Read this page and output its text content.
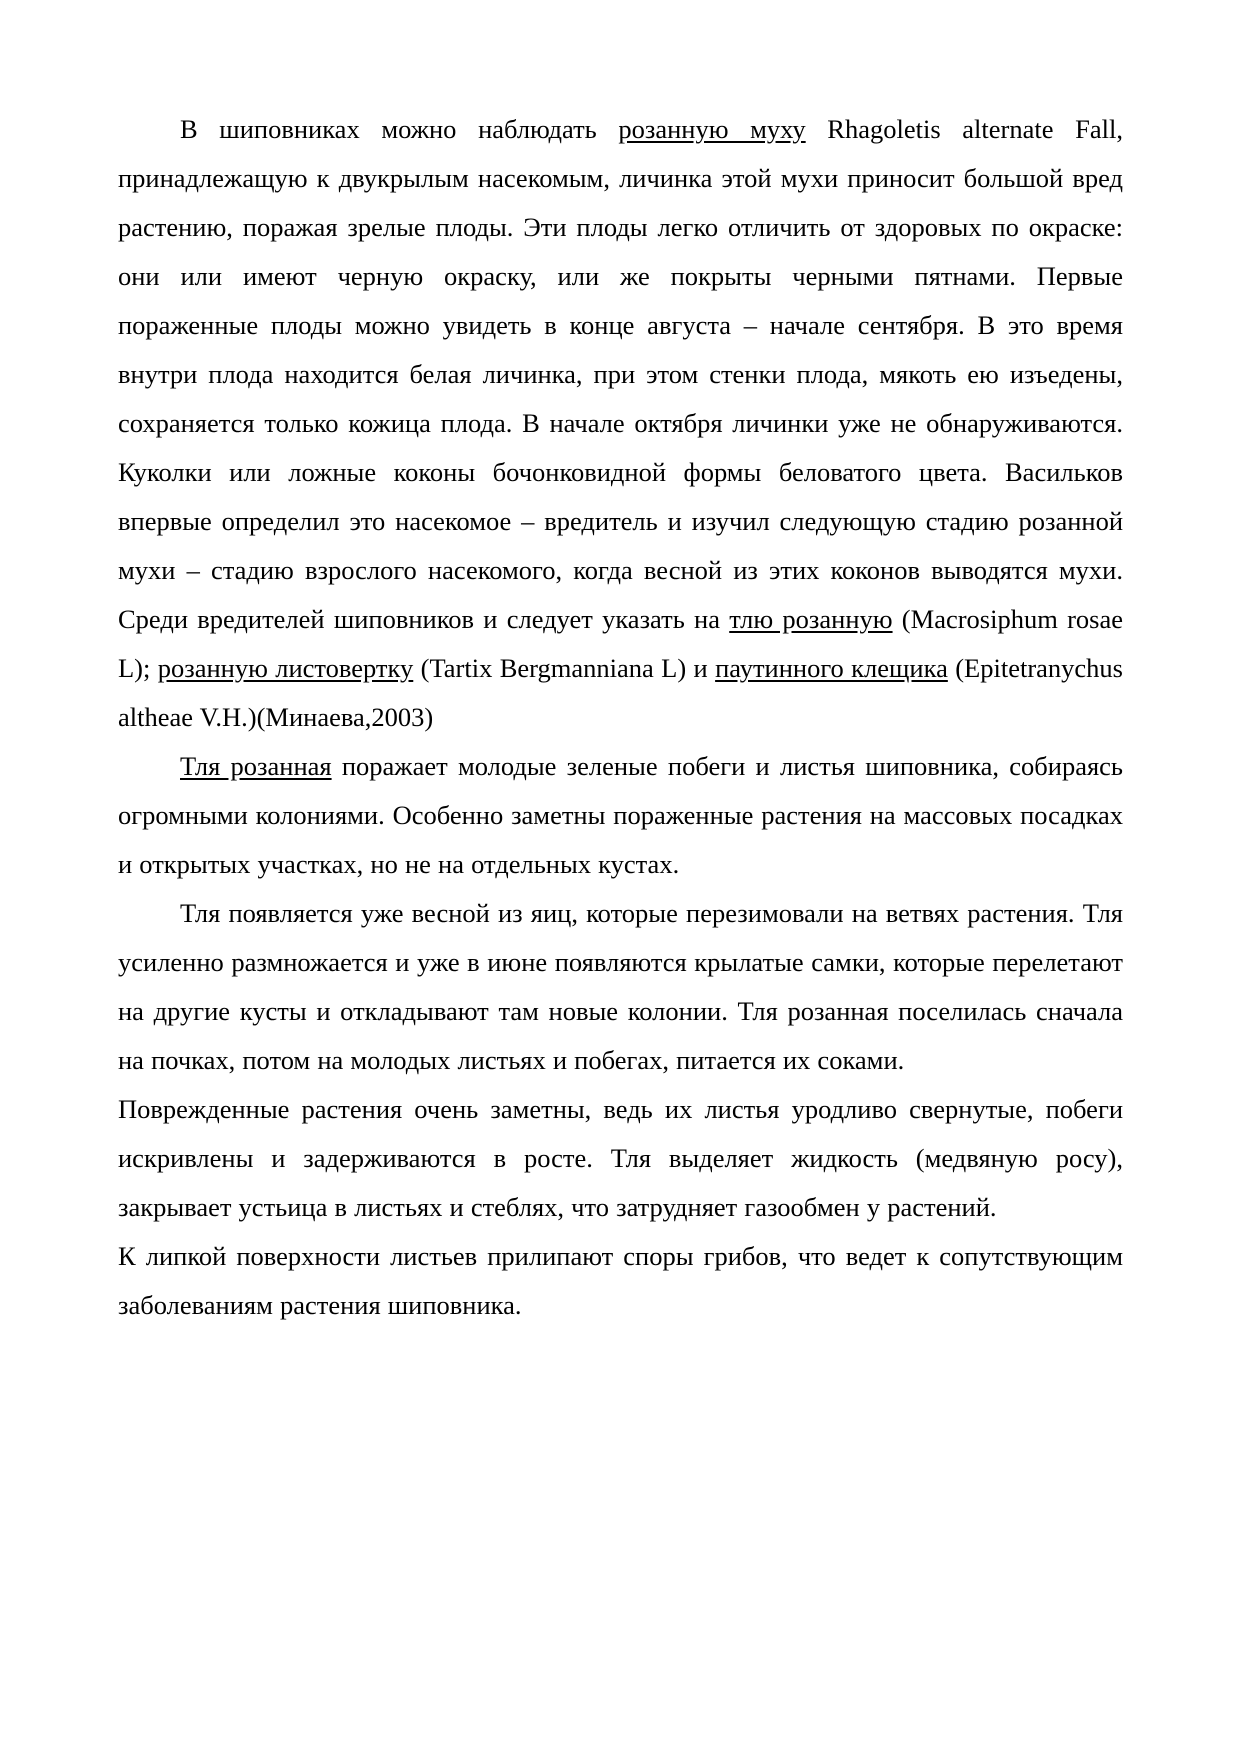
В шиповниках можно наблюдать розанную муху Rhagoletis alternate Fall, принадлежащую к двукрылым насекомым, личинка этой мухи приносит большой вред растению, поражая зрелые плоды. Эти плоды легко отличить от здоровых по окраске: они или имеют черную окраску, или же покрыты черными пятнами. Первые пораженные плоды можно увидеть в конце августа – начале сентября. В это время внутри плода находится белая личинка, при этом стенки плода, мякоть ею изъедены, сохраняется только кожица плода. В начале октября личинки уже не обнаруживаются. Куколки или ложные коконы бочонковидной формы беловатого цвета. Васильков впервые определил это насекомое – вредитель и изучил следующую стадию розанной мухи – стадию взрослого насекомого, когда весной из этих коконов выводятся мухи. Среди вредителей шиповников и следует указать на тлю розанную (Macrosiphum rosae L); розанную листовертку (Tartix Bergmanniana L) и паутинного клещика (Epitetranychus altheae V.H.)(Минаева,2003)

Тля розанная поражает молодые зеленые побеги и листья шиповника, собираясь огромными колониями. Особенно заметны пораженные растения на массовых посадках и открытых участках, но не на отдельных кустах.

Тля появляется уже весной из яиц, которые перезимовали на ветвях растения. Тля усиленно размножается и уже в июне появляются крылатые самки, которые перелетают на другие кусты и откладывают там новые колонии. Тля розанная поселилась сначала на почках, потом на молодых листьях и побегах, питается их соками.

Поврежденные растения очень заметны, ведь их листья уродливо свернутые, побеги искривлены и задерживаются в росте. Тля выделяет жидкость (медвяную росу), закрывает устьица в листьях и стеблях, что затрудняет газообмен у растений.

К липкой поверхности листьев прилипают споры грибов, что ведет к сопутствующим заболеваниям растения шиповника.
